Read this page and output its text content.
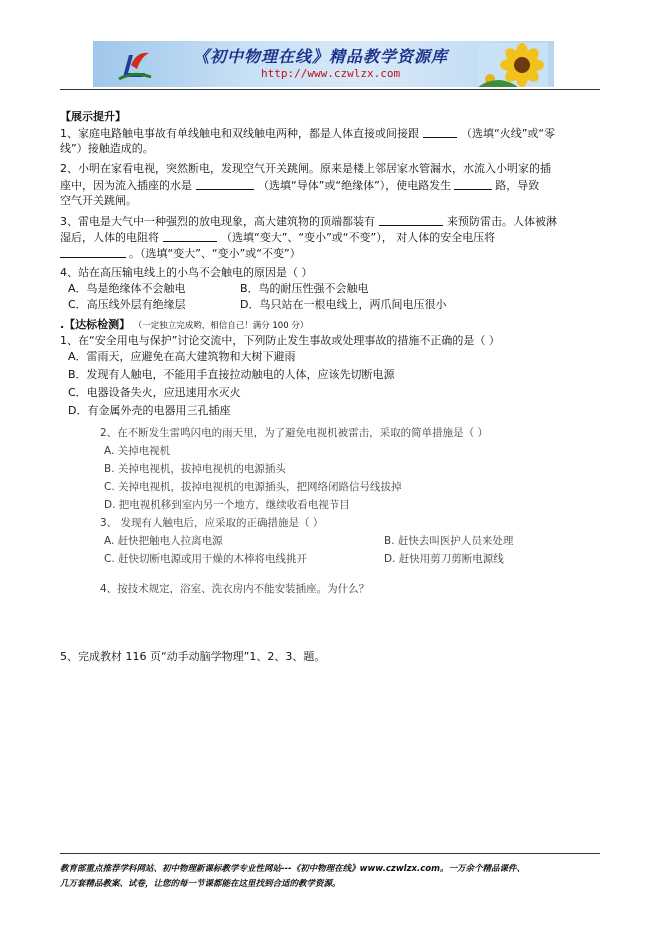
《初中物理在线》精品教学资源库
http://www.czwlzx.com
【展示提升】
1、家庭电路触电事故有单线触电和双线触电两种，都是人体直接或间接跟	（选填“火线”或“零
线”）接触造成的。
2、小明在家看电视，突然断电，发现空气开关跳闸。原来是楼上邻居家水管漏水，水流入小明家的插
座中，因为流入插座的水是	（选填“导体”或“绝缘体”），使电路发生	路，导致
空气开关跳闸。
3、雷电是大气中一种强烈的放电现象，高大建筑物的顶端都装有	来预防雷击。人体被淋
湿后，人体的电阻将	（选填“变大”、“变小”或“不变”）， 对人体的安全电压将
。（选填“变大”、“变小”或“不变”）
4、站在高压输电线上的小鸟不会触电的原因是（ ）
A．鸟是绝缘体不会触电	B．鸟的耐压性强不会触电
C．高压线外层有绝缘层	D．鸟只站在一根电线上，两爪间电压很小
.【达标检测】 （一定独立完成哟，相信自己！满分 100 分）
1、在“安全用电与保护”讨论交流中，下列防止发生事故或处理事故的措施不正确的是（ ）
A．雷雨天，应避免在高大建筑物和大树下避雨
B．发现有人触电，不能用手直接拉动触电的人体，应该先切断电源
C．电器设备失火，应迅速用水灭火
D．有金属外壳的电器用三孔插座
2、在不断发生雷鸣闪电的雨天里，为了避免电视机被雷击，采取的简单措施是（ ）
A. 关掉电视机
B. 关掉电视机，拔掉电视机的电源插头
C. 关掉电视机，拔掉电视机的电源插头，把网络闭路信号线拔掉
D. 把电视机移到室内另一个地方，继续收看电视节目
3、 发现有人触电后，应采取的正确措施是（ ）
A. 赶快把触电人拉离电源	B. 赶快去叫医护人员来处理
C. 赶快切断电源或用干燥的木棒将电线挑开	D. 赶快用剪刀剪断电源线
4、按技术规定，浴室、洗衣房内不能安装插座。为什么？
5、完成教材 116 页“动手动脑学物理”1、2、3、题。
教育部重点推荐学科网站、初中物理新课标教学专业性网站---《初中物理在线》www.czwlzx.com。一万余个精品课件、
几万套精品教案、试卷，让您的每一节课都能在这里找到合适的教学资源。
